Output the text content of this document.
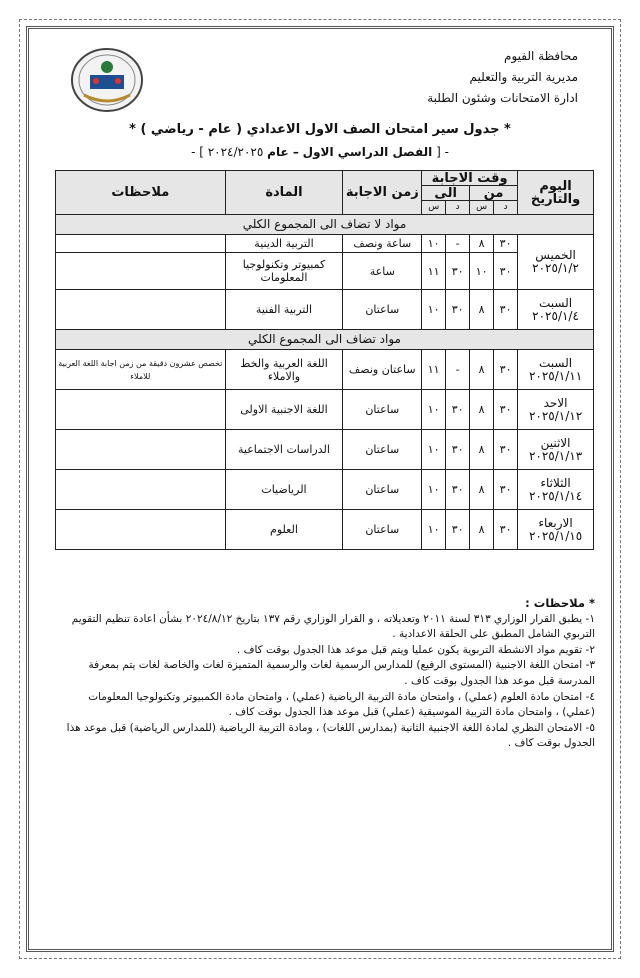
محافظة الفيوم
مديرية التربية والتعليم
ادارة الامتحانات وشئون الطلبة
* جدول سير امتحان الصف الاول الاعدادي ( عام - رياضي ) *
- [ الفصل الدراسي الاول – عام ٢٠٢٤/٢٠٢٥ ] -
اليوم والتاريخ	وقت الاجابة				زمن الاجابة	المادة	ملاحظات
	من		الى				
	د	س	د	س			
مواد لا تضاف الى المجموع الكلي							

الخميس
٢٠٢٥/١/٢	٣٠	٨	-	١٠	ساعة ونصف	التربية الدينية	
	٣٠	١٠	٣٠	١١	ساعة	كمبيوتر وتكنولوجيا المعلومات	

السبت
٢٠٢٥/١/٤	٣٠	٨	٣٠	١٠	ساعتان	التربية الفنية	
مواد تضاف الى المجموع الكلي							

السبت
٢٠٢٥/١/١١	٣٠	٨	-	١١	ساعتان ونصف	اللغة العربية والخط والاملاء	تخصص عشرون دقيقة من زمن اجابة اللغة العربية للاملاء

الاحد
٢٠٢٥/١/١٢	٣٠	٨	٣٠	١٠	ساعتان	اللغة الاجنبية الاولى	

الاثنين
٢٠٢٥/١/١٣	٣٠	٨	٣٠	١٠	ساعتان	الدراسات الاجتماعية	

الثلاثاء
٢٠٢٥/١/١٤	٣٠	٨	٣٠	١٠	ساعتان	الرياضيات	

الاربعاء
٢٠٢٥/١/١٥	٣٠	٨	٣٠	١٠	ساعتان	العلوم	

* ملاحظات :

١- يطبق القرار الوزاري ٣١٣ لسنة ٢٠١١ وتعديلاته ، و القرار الوزاري رقم ١٣٧ بتاريخ ٢٠٢٤/٨/١٢ بشأن اعادة تنظيم التقويم التربوي الشامل المطبق على الحلقة الاعدادية .

٢- تقويم مواد الانشطة التربوية يكون عمليا ويتم قبل موعد هذا الجدول بوقت كاف .

٣- امتحان اللغة الاجنبية (المستوى الرفيع) للمدارس الرسمية لغات والرسمية المتميزة لغات والخاصة لغات يتم بمعرفة المدرسة قبل موعد هذا الجدول بوقت كاف .

٤- امتحان مادة العلوم (عملي) ، وامتحان مادة التربية الرياضية (عملي) ، وامتحان مادة الكمبيوتر وتكنولوجيا المعلومات (عملي) ، وامتحان مادة التربية الموسيقية (عملي) قبل موعد هذا الجدول بوقت كاف .

٥- الامتحان النظري لمادة اللغة الاجنبية الثانية (بمدارس اللغات) ، ومادة التربية الرياضية (للمدارس الرياضية) قبل موعد هذا الجدول بوقت كاف .
